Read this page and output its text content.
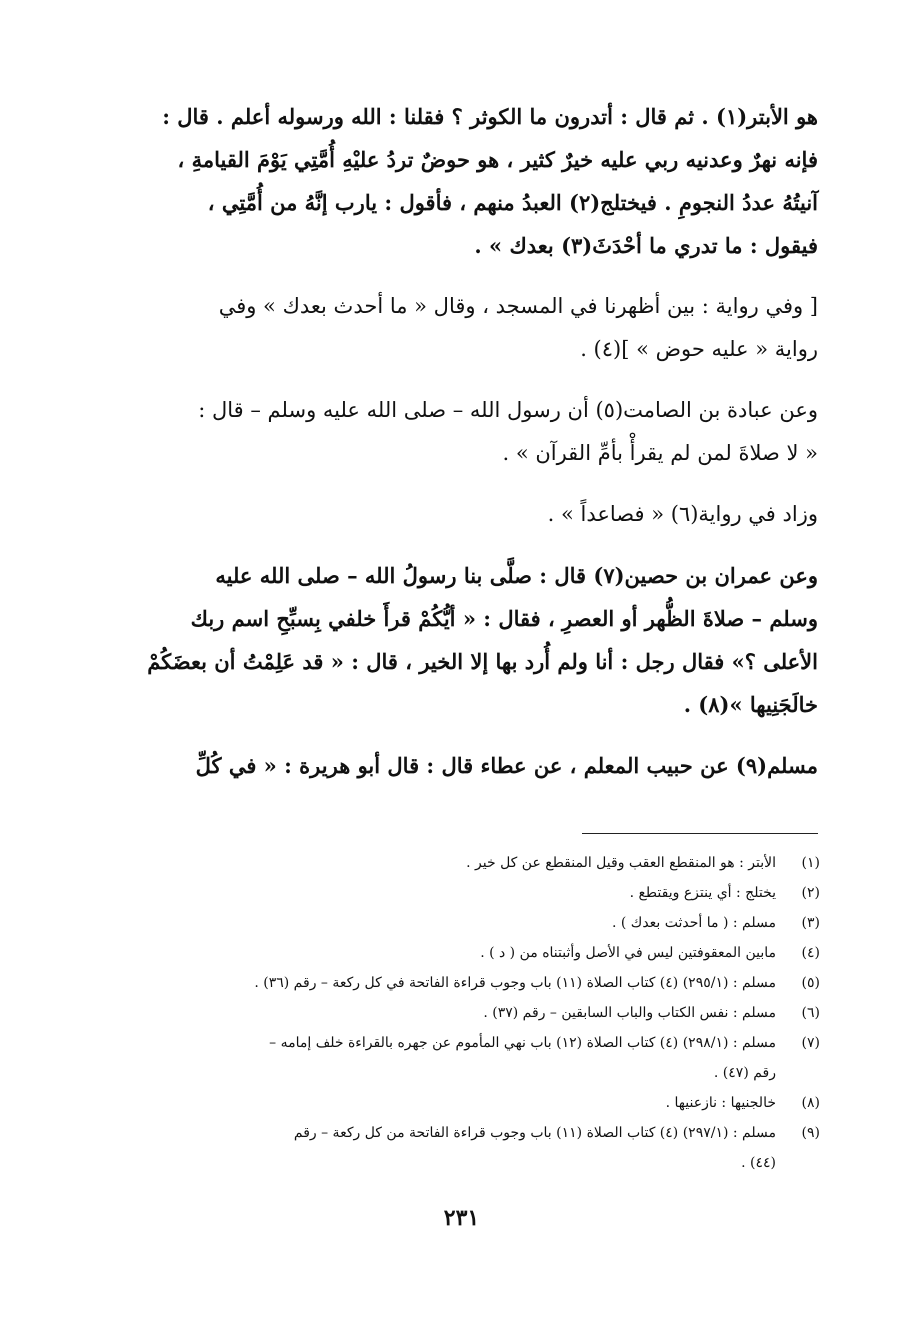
هو الأبتر(١) . ثم قال : أتدرون ما الكوثر ؟ فقلنا : الله ورسوله أعلم . قال :
فإنه نهرٌ وعدنيه ربي عليه خيرٌ كثير ، هو حوضٌ تردُ عليْهِ أُمَّتِي يَوْمَ القيامةِ ،
آنيتُهُ عددُ النجومِ . فيختلج(٢) العبدُ منهم ، فأقول : يارب إنَّهُ من أُمَّتِي ،
فيقول : ما تدري ما أحْدَثَ(٣) بعدك » .
[ وفي رواية : بين أظهرنا في المسجد ، وقال « ما أحدث بعدك » وفي
رواية « عليه حوض » ](٤) .
وعن عبادة بن الصامت(٥) أن رسول الله – صلى الله عليه وسلم – قال :
« لا صلاةَ لمن لم يقرأْ بأمِّ القرآن » .
وزاد في رواية(٦) « فصاعداً » .
وعن عمران بن حصين(٧) قال : صلَّى بنا رسولُ الله – صلى الله عليه
وسلم – صلاةَ الظُّهر أو العصرِ ، فقال : « أيُّكُمْ قرأَ خلفي بِسبِّحِ اسم ربك
الأعلى ؟» فقال رجل : أنا ولم أُرد بها إلا الخير ، قال : « قد عَلِمْتُ أن بعضَكُمْ
خالَجَنِيها »(٨) .
مسلم(٩) عن حبيب المعلم ، عن عطاء قال : قال أبو هريرة : « في كُلِّ
(١)
الأبتر : هو المنقطع العقب وقيل المنقطع عن كل خير .
(٢)
يختلج : أي ينتزع ويقتطع .
(٣)
مسلم : ( ما أحدثت بعدك ) .
(٤)
مابين المعقوفتين ليس في الأصل وأثبتناه من ( د ) .
(٥)
مسلم : (٢٩٥/١) (٤) كتاب الصلاة (١١) باب وجوب قراءة الفاتحة في كل ركعة – رقم (٣٦) .
(٦)
مسلم : نفس الكتاب والباب السابقين – رقم (٣٧) .
(٧)
مسلم : (٢٩٨/١) (٤) كتاب الصلاة (١٢) باب نهي المأموم عن جهره بالقراءة خلف إمامه –
رقم (٤٧) .
(٨)
خالجنيها : نازعنيها .
(٩)
مسلم : (٢٩٧/١) (٤) كتاب الصلاة (١١) باب وجوب قراءة الفاتحة من كل ركعة – رقم
(٤٤) .
٢٣١
